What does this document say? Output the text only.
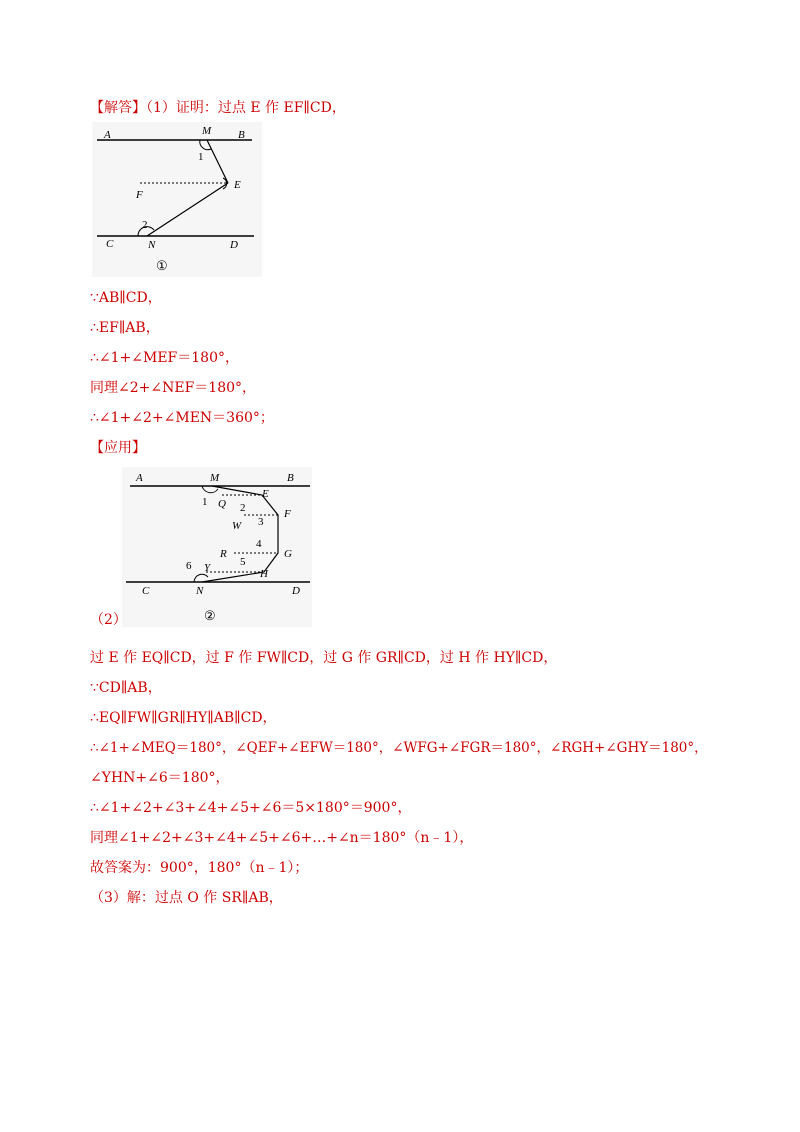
【解答】（1）证明：过点 E 作 EF∥CD，
A	M B
1
F
E
2
C	N	D
①
∵AB∥CD，
∴EF∥AB，
∴∠1+∠MEF＝180°，
同理∠2+∠NEF＝180°，
∴∠1+∠2+∠MEN＝360°；
【应用】
A	M	B
1 Q
E
2	F
W 3
4
G
R
5
6 Y	H
C	N	D
②
（2）
过 E 作 EQ∥CD，过 F 作 FW∥CD，过 G 作 GR∥CD，过 H 作 HY∥CD，
∵CD∥AB，
∴EQ∥FW∥GR∥HY∥AB∥CD，
∴∠1+∠MEQ＝180°，∠QEF+∠EFW＝180°，∠WFG+∠FGR＝180°，∠RGH+∠GHY＝180°，
∠YHN+∠6＝180°，
∴∠1+∠2+∠3+∠4+∠5+∠6＝5×180°＝900°，
同理∠1+∠2+∠3+∠4+∠5+∠6+…+∠n＝180°（n﹣1），
故答案为：900°，180°（n﹣1）；
（3）解：过点 O 作 SR∥AB，
